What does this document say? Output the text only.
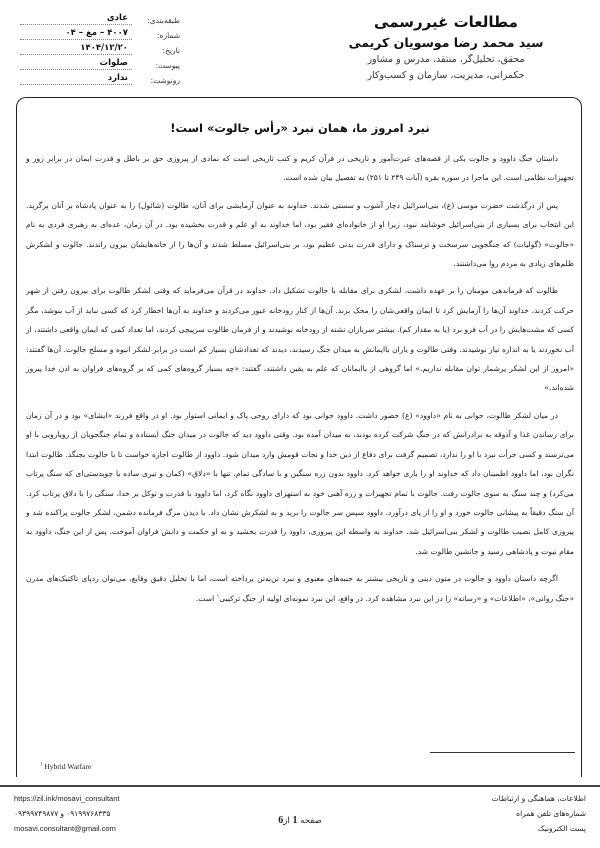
مطالعات غیررسمی
سید محمد رضا موسویان کریمی
محقق، تحلیل‌گر، منتقد، مدرس و مشاور
حکمرانی، مدیریت، سازمان و کسب‌وکار
طبقه‌بندی:
عادی
شماره:
۴۰۰۷ – مغ – ۰۴
تاریخ:
۱۴۰۴/۱۲/۲۰
پیوست:
صلوات
رونوشت:
ندارد
نبرد امروز ما، همان نبرد «رأس جالوت» است!

داستان جنگ داوود و جالوت یکی از قصه‌های عبرت‌آموز و تاریخی در قرآن کریم و کتب تاریخی است که نمادی از پیروزی حق بر باطل و قدرت ایمان در برابر زور و تجهیزات نظامی است. این ماجرا در سوره بقره (آیات ۲۴۹ تا ۲۵۱) به تفصیل بیان شده است.

پس از درگذشت حضرت موسی (ع)، بنی‌اسرائیل دچار آشوب و سستی شدند. خداوند به عنوان آزمایشی برای آنان، طالوت (شائول) را به عنوان پادشاه بر آنان برگزید. این انتخاب برای بسیاری از بنی‌اسرائیل خوشایند نبود، زیرا او از خانواده‌ای فقیر بود، اما خداوند به او علم و قدرت بخشیده بود. در آن زمان، عده‌ای به رهبری فردی به نام «جالوت» (گولیات) که جنگجویی سرسخت و ترسناک و دارای قدرت بدنی عظیم بود، بر بنی‌اسرائیل مسلط شدند و آن‌ها را از خانه‌هایشان بیرون راندند. جالوت و لشکرش ظلم‌های زیادی به مردم روا می‌داشتند.

طالوت که فرماندهی مومنان را بر عهده داشت، لشکری برای مقابله با جالوت تشکیل داد. خداوند در قرآن می‌فرماید که وقتی لشکر طالوت برای بیرون رفتن از شهر حرکت کردند، خداوند آن‌ها را آزمایش کرد تا ایمان واقعی‌شان را محک بزند. آن‌ها از کنار رودخانه عبور می‌کردند و خداوند به آن‌ها اخطار کرد که کسی نباید از آب بنوشد، مگر کسی که مشت‌هایش را در آب فرو برد (یا به مقدار کم). بیشتر سربازان تشنه از رودخانه نوشیدند و از فرمان طالوت سرپیچی کردند، اما تعداد کمی که ایمان واقعی داشتند، از آب نخوردند یا به اندازه نیاز نوشیدند. وقتی طالوت و یاران باایمانش به میدان جنگ رسیدند، دیدند که تعدادشان بسیار کم است در برابر لشکر انبوه و مسلح جالوت. آن‌ها گفتند: «امروز از این لشکر پرشمار توان مقابله نداریم.» اما گروهی از باایمانان که علم به یقین داشتند، گفتند: «چه بسیار گروه‌های کمی که بر گروه‌های فراوان به اذن خدا پیروز شده‌اند.»

در میان لشکر طالوت، جوانی به نام «داوود» (ع) حضور داشت. داوود جوانی بود که دارای روحی پاک و ایمانی استوار بود. او در واقع فرزند «ایشای» بود و در آن زمان برای رساندن غذا و آذوقه به برادرانش که در جنگ شرکت کرده بودند، به میدان آمده بود. وقتی داوود دید که جالوت در میدان جنگ ایستاده و تمام جنگجویان از رویارویی با او می‌ترسند و کسی جرأت نبرد با او را ندارد، تصمیم گرفت برای دفاع از دین خدا و نجات قومش وارد میدان شود. داوود از طالوت اجازه خواست تا با جالوت بجنگد. طالوت ابتدا نگران بود، اما داوود اطمینان داد که خداوند او را یاری خواهد کرد. داوود بدون زره سنگین و با سادگی تمام، تنها با «دلاق» (کمان و تیری ساده یا چوبدستی‌ای که سنگ پرتاب می‌کرد) و چند سنگ به سوی جالوت رفت. جالوت با تمام تجهیزات و زره آهنی خود به استهزای داوود نگاه کرد، اما داوود با قدرت و توکل بر خدا، سنگی را با دلاق پرتاب کرد. آن سنگ دقیقاً به پیشانی جالوت خورد و او را از پای درآورد. داوود سپس سر جالوت را برید و به لشکرش نشان داد. با دیدن مرگ فرمانده دشمن، لشکر جالوت پراکنده شد و پیروزی کامل نصیب طالوت و لشکر بنی‌اسرائیل شد. خداوند به واسطه این پیروزی، داوود را قدرت بخشید و به او حکمت و دانش فراوان آموخت. پس از این جنگ، داوود به مقام نبوت و پادشاهی رسید و جانشین طالوت شد.

اگرچه داستان داوود و جالوت در متون دینی و تاریخی بیشتر به جنبه‌های معنوی و نبرد تن‌به‌تن پرداخته است، اما با تحلیل دقیق وقایع، می‌توان ردپای تاکتیک‌های مدرن «جنگ روانی»، «اطلاعات» و «رسانه» را در این نبرد مشاهده کرد. در واقع، این نبرد نمونه‌ای اولیه از جنگ ترکیبی$^۱$ است.

$^1$ Hybrid Warfare
https://zil.ink/mosavi_consultant
۰۹۱۹۹۷۶۸۳۳۵ و ۰۹۳۹۹۷۴۹۸۷۷
mosavi.consultant@gmail.com
صفحه 1 از6
اطلاعات، هماهنگی و ارتباطات
شماره‌های تلفن همراه
پست الکترونیک
